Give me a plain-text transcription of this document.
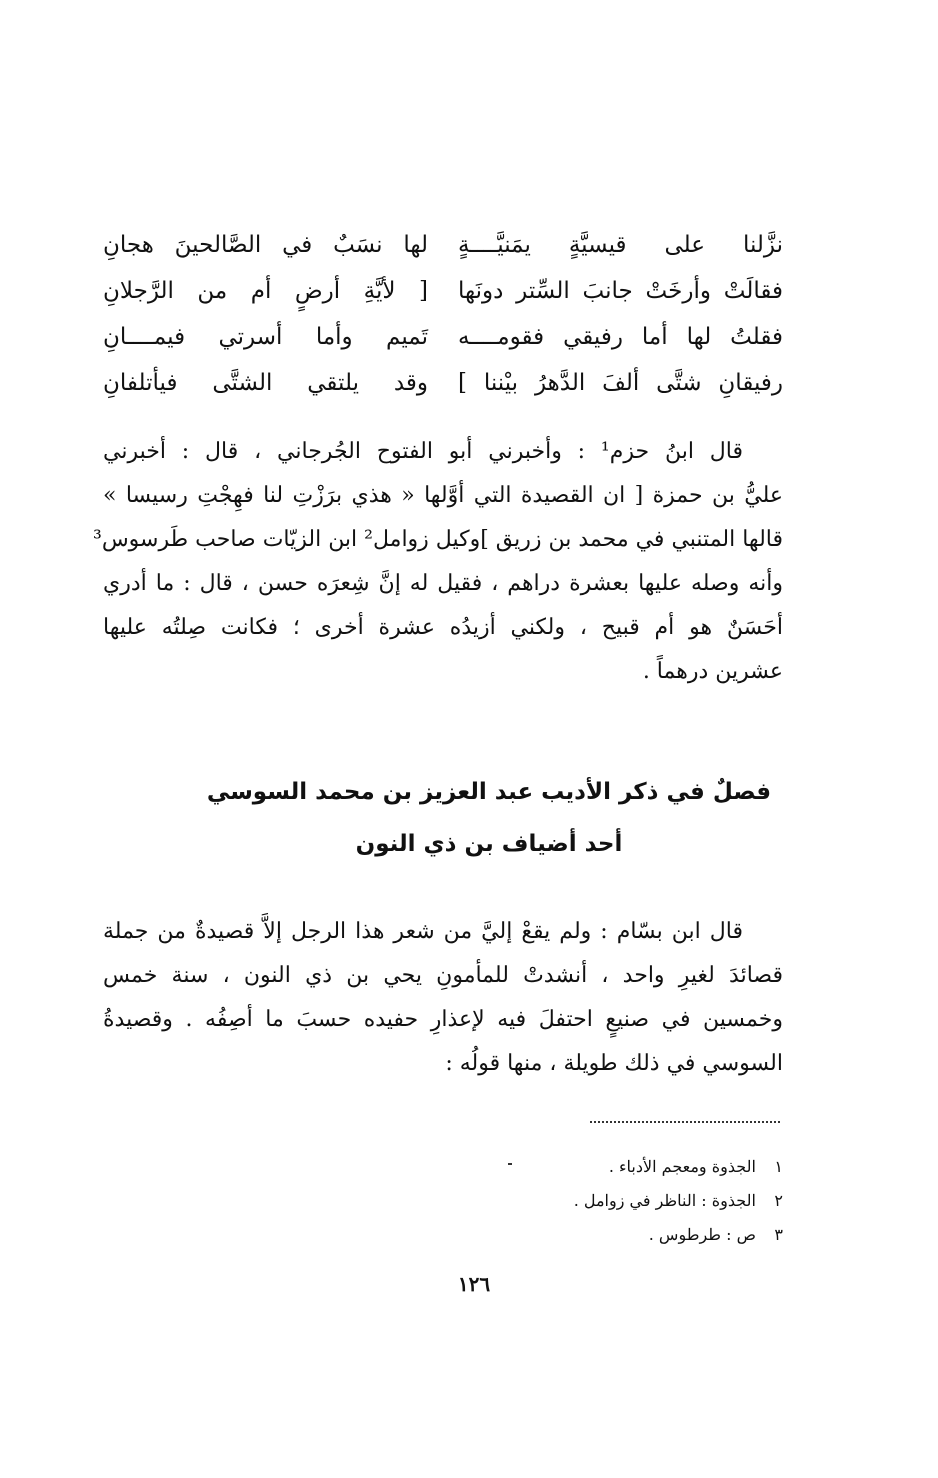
نزَّلنا على قيسيَّةٍ يمَنيَّــــةٍ
لها نسَبٌ في الصَّالحينَ هجانِ
فقالَتْ وأرخَتْ جانبَ السِّتر دونَها
[ لأيَّةِ أرضٍ أم من الرَّجلانِ
فقلتُ لها أما رفيقي فقومــــه
تَميم وأما أسرتي فيمــــانِ
رفيقانِ شتَّى ألفَ الدَّهرُ بيْننا ]
وقد يلتقي الشتَّى فيأتلفانِ
قال ابنُ حزم¹ : وأخبرني أبو الفتوح الجُرجاني ، قال : أخبرني
عليُّ بن حمزة [ ان القصيدة التي أوَّلها « هذي برَزْتِ لنا فهِجْتِ رسيسا »
قالها المتنبي في محمد بن زريق ]وكيل زوامل² ابن الزيّات صاحب طَرسوس³
وأنه وصله عليها بعشرة دراهم ، فقيل له إنَّ شِعرَه حسن ، قال : ما أدري
أحَسَنٌ هو أم قبيح ، ولكني أزيدُه عشرة أخرى ؛ فكانت صِلتُه عليها
عشرين درهماً .
فصلٌ في ذكر الأديب عبد العزيز بن محمد السوسي
أحد أضياف بن ذي النون
قال ابن بسّام : ولم يقعْ إليَّ من شعر هذا الرجل إلاَّ قصيدةٌ من جملة
قصائدَ لغيرِ واحد ، أنشدتْ للمأمونِ يحي بن ذي النون ، سنة خمس
وخمسين في صنيعٍ احتفلَ فيه لإعذارِ حفيده حسبَ ما أصِفُه . وقصيدةُ
السوسي في ذلك طويلة ، منها قولُه :
١ الجذوة ومعجم الأدباء .
٢ الجذوة : الناظر في زوامل .
٣ ص : طرطوس .
١٢٦
